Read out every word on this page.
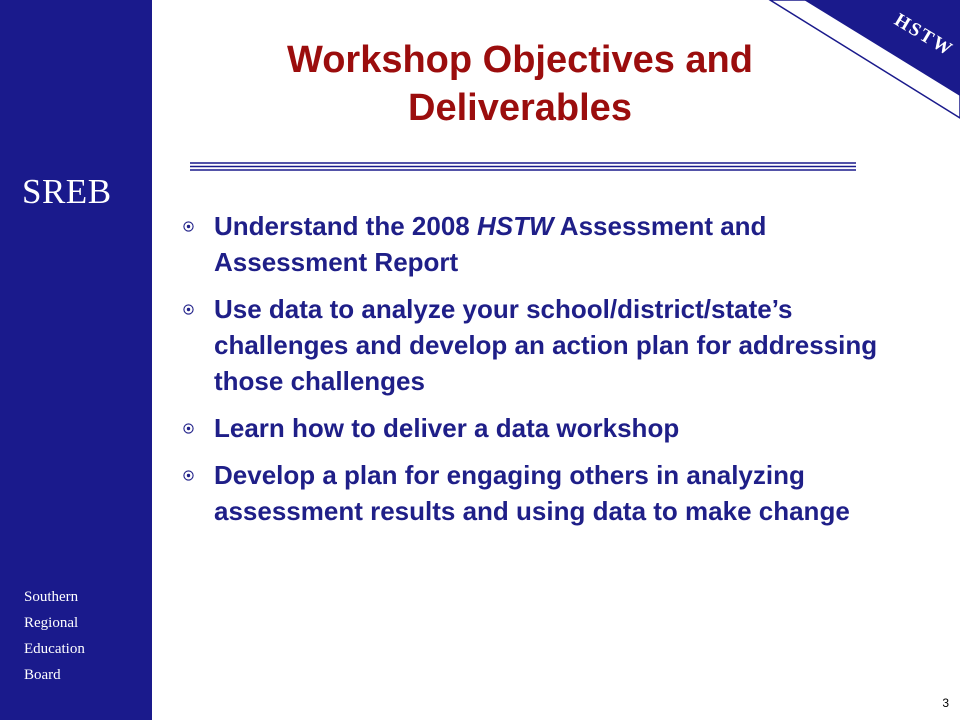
SREB
Southern
Regional
Education
Board
HSTW
Workshop Objectives and
Deliverables
Understand the 2008 HSTW Assessment and Assessment Report
Use data to analyze your school/district/state’s challenges and develop an action plan for addressing those challenges
Learn how to deliver a data workshop
Develop a plan for engaging others in analyzing assessment results and using data to make change
3
